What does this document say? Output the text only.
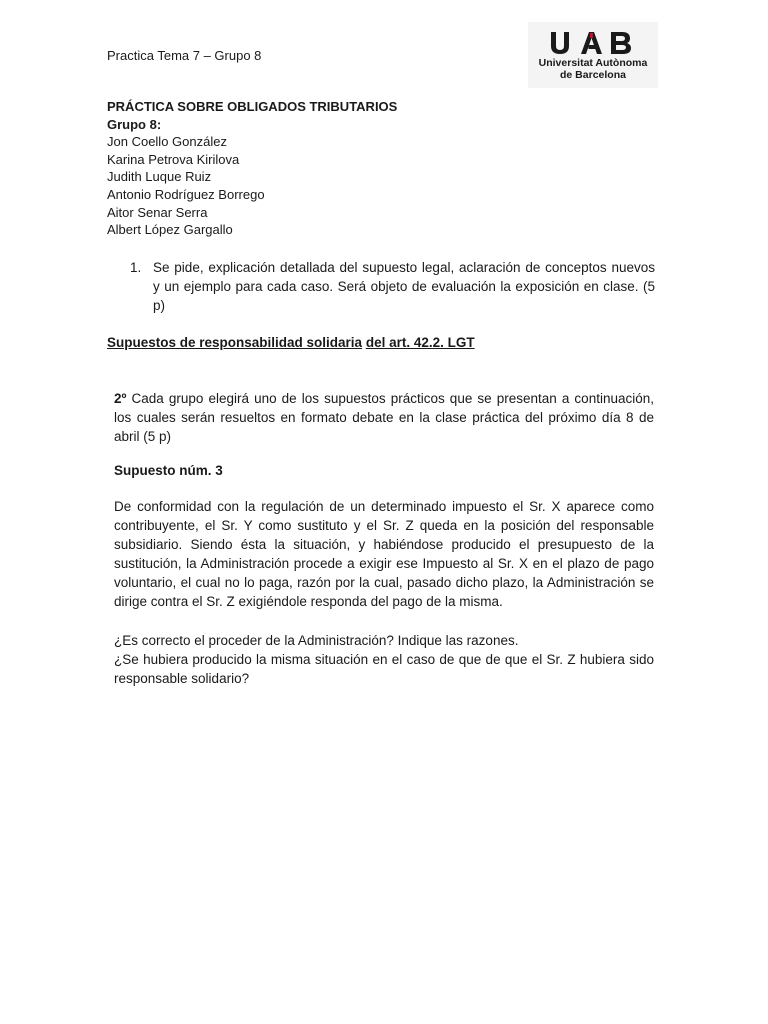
Practica Tema 7 – Grupo 8	Universitat Autònoma
de Barcelona
PRÁCTICA SOBRE OBLIGADOS TRIBUTARIOS
Grupo 8:
Jon Coello González
Karina Petrova Kirilova
Judith Luque Ruiz
Antonio Rodríguez Borrego
Aitor Senar Serra
Albert López Gargallo
1. Se pide, explicación detallada del supuesto legal, aclaración de conceptos nuevos y un ejemplo para cada caso. Será objeto de evaluación la exposición en clase. (5 p)
Supuestos de responsabilidad solidaria del art. 42.2. LGT
2º Cada grupo elegirá uno de los supuestos prácticos que se presentan a continuación, los cuales serán resueltos en formato debate en la clase práctica del próximo día 8 de abril (5 p)
Supuesto núm. 3
De conformidad con la regulación de un determinado impuesto el Sr. X aparece como contribuyente, el Sr. Y como sustituto y el Sr. Z queda en la posición del responsable subsidiario. Siendo ésta la situación, y habiéndose producido el presupuesto de la sustitución, la Administración procede a exigir ese Impuesto al Sr. X en el plazo de pago voluntario, el cual no lo paga, razón por la cual, pasado dicho plazo, la Administración se dirige contra el Sr. Z exigiéndole responda del pago de la misma.
¿Es correcto el proceder de la Administración? Indique las razones.
¿Se hubiera producido la misma situación en el caso de que de que el Sr. Z hubiera sido responsable solidario?
